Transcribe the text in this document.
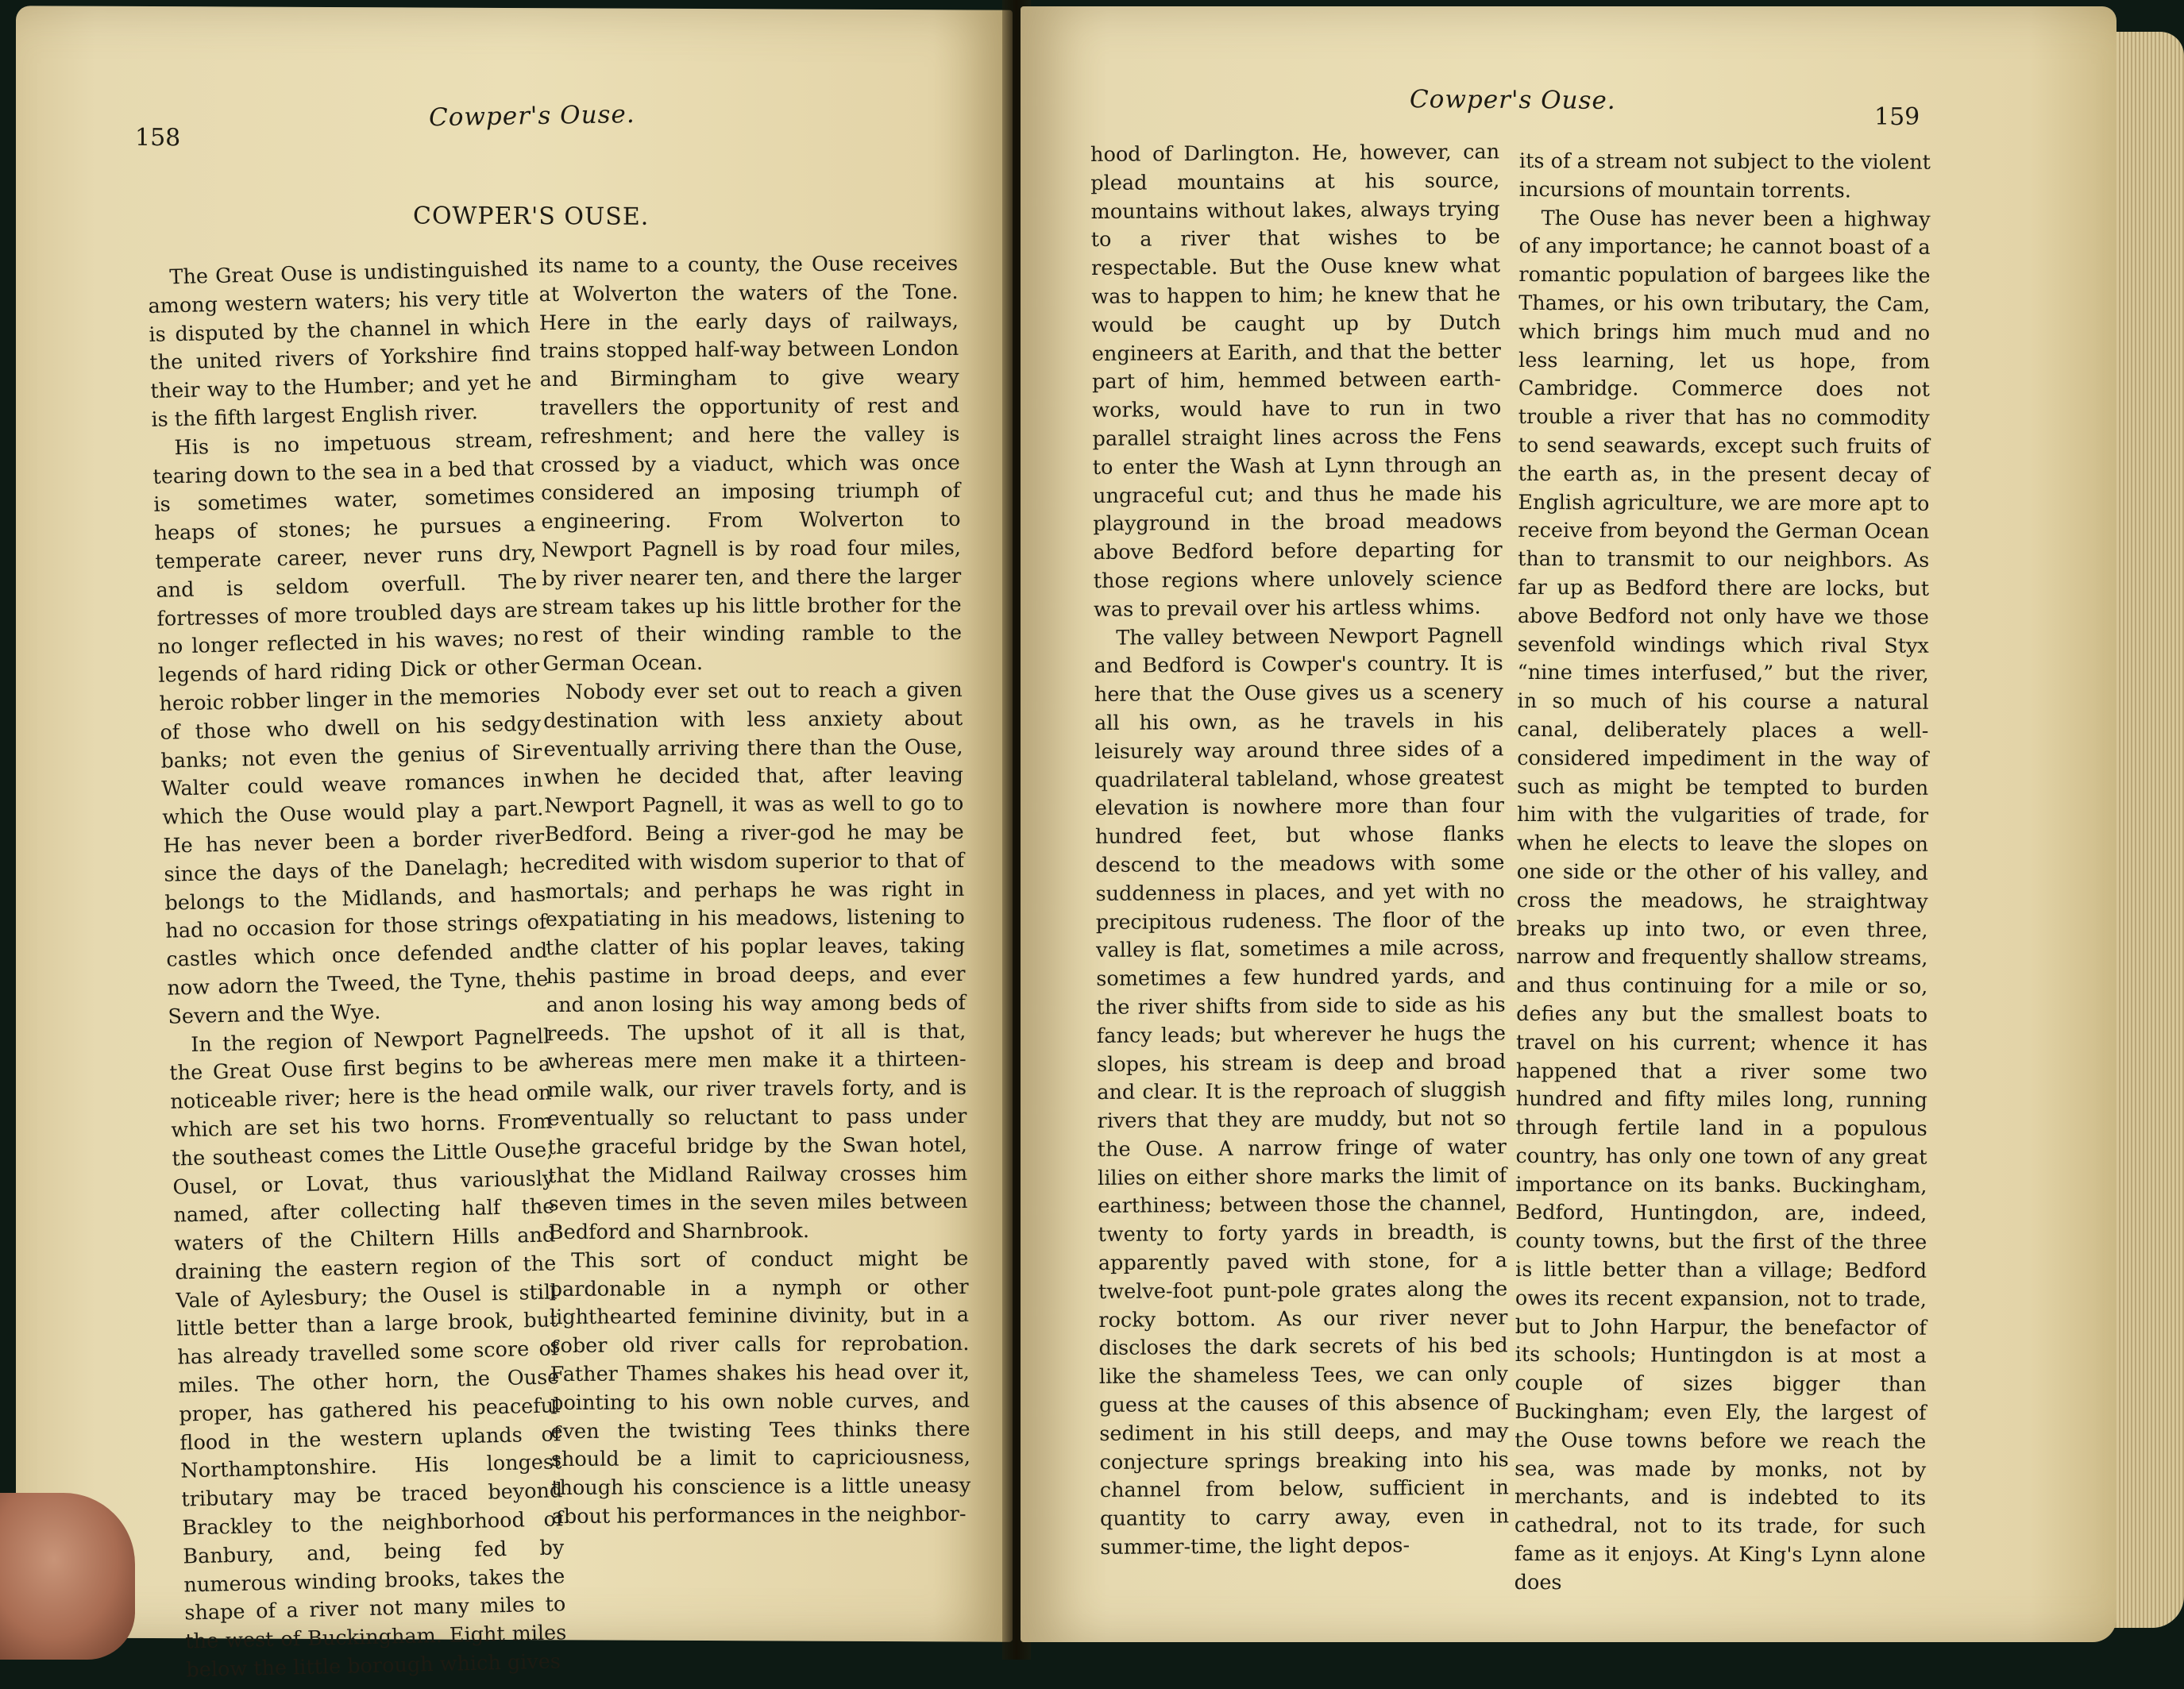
158
Cowper's Ouse.
COWPER'S OUSE.

The Great Ouse is undistinguished among western waters; his very title is disputed by the channel in which the united rivers of Yorkshire find their way to the Humber; and yet he is the fifth largest English river.

His is no impetuous stream, tearing down to the sea in a bed that is sometimes water, sometimes heaps of stones; he pursues a temperate career, never runs dry, and is seldom overfull. The fortresses of more troubled days are no longer reflected in his waves; no legends of hard riding Dick or other heroic robber linger in the memories of those who dwell on his sedgy banks; not even the genius of Sir Walter could weave romances in which the Ouse would play a part. He has never been a border river since the days of the Danelagh; he belongs to the Midlands, and has had no occasion for those strings of castles which once defended and now adorn the Tweed, the Tyne, the Severn and the Wye.

In the region of Newport Pagnell the Great Ouse first begins to be a noticeable river; here is the head on which are set his two horns. From the southeast comes the Little Ouse, Ousel, or Lovat, thus variously named, after collecting half the waters of the Chiltern Hills and draining the eastern region of the Vale of Aylesbury; the Ousel is still little better than a large brook, but has already travelled some score of miles. The other horn, the Ouse proper, has gathered his peaceful flood in the western uplands of Northamptonshire. His longest tributary may be traced beyond Brackley to the neighborhood of Banbury, and, being fed by numerous winding brooks, takes the shape of a river not many miles to the west of Buckingham. Eight miles below the little borough which gives

its name to a county, the Ouse receives at Wolverton the waters of the Tone. Here in the early days of railways, trains stopped half-way between London and Birmingham to give weary travellers the opportunity of rest and refreshment; and here the valley is crossed by a viaduct, which was once considered an imposing triumph of engineering. From Wolverton to Newport Pagnell is by road four miles, by river nearer ten, and there the larger stream takes up his little brother for the rest of their winding ramble to the German Ocean.

Nobody ever set out to reach a given destination with less anxiety about eventually arriving there than the Ouse, when he decided that, after leaving Newport Pagnell, it was as well to go to Bedford. Being a river-god he may be credited with wisdom superior to that of mortals; and perhaps he was right in expatiating in his meadows, listening to the clatter of his poplar leaves, taking his pastime in broad deeps, and ever and anon losing his way among beds of reeds. The upshot of it all is that, whereas mere men make it a thirteen-mile walk, our river travels forty, and is eventually so reluctant to pass under the graceful bridge by the Swan hotel, that the Midland Railway crosses him seven times in the seven miles between Bedford and Sharnbrook.

This sort of conduct might be pardonable in a nymph or other lighthearted feminine divinity, but in a sober old river calls for reprobation. Father Thames shakes his head over it, pointing to his own noble curves, and even the twisting Tees thinks there should be a limit to capriciousness, though his conscience is a little uneasy about his performances in the neighbor-

Cowper's Ouse.
159

hood of Darlington. He, however, can plead mountains at his source, mountains without lakes, always trying to a river that wishes to be respectable. But the Ouse knew what was to happen to him; he knew that he would be caught up by Dutch engineers at Earith, and that the better part of him, hemmed between earth-works, would have to run in two parallel straight lines across the Fens to enter the Wash at Lynn through an ungraceful cut; and thus he made his playground in the broad meadows above Bedford before departing for those regions where unlovely science was to prevail over his artless whims.

The valley between Newport Pagnell and Bedford is Cowper's country. It is here that the Ouse gives us a scenery all his own, as he travels in his leisurely way around three sides of a quadrilateral tableland, whose greatest elevation is nowhere more than four hundred feet, but whose flanks descend to the meadows with some suddenness in places, and yet with no precipitous rudeness. The floor of the valley is flat, sometimes a mile across, sometimes a few hundred yards, and the river shifts from side to side as his fancy leads; but wherever he hugs the slopes, his stream is deep and broad and clear. It is the reproach of sluggish rivers that they are muddy, but not so the Ouse. A narrow fringe of water lilies on either shore marks the limit of earthiness; between those the channel, twenty to forty yards in breadth, is apparently paved with stone, for a twelve-foot punt-pole grates along the rocky bottom. As our river never discloses the dark secrets of his bed like the shameless Tees, we can only guess at the causes of this absence of sediment in his still deeps, and may conjecture springs breaking into his channel from below, sufficient in quantity to carry away, even in summer-time, the light depos-

its of a stream not subject to the violent incursions of mountain torrents.

The Ouse has never been a highway of any importance; he cannot boast of a romantic population of bargees like the Thames, or his own tributary, the Cam, which brings him much mud and no less learning, let us hope, from Cambridge. Commerce does not trouble a river that has no commodity to send seawards, except such fruits of the earth as, in the present decay of English agriculture, we are more apt to receive from beyond the German Ocean than to transmit to our neighbors. As far up as Bedford there are locks, but above Bedford not only have we those sevenfold windings which rival Styx “nine times interfused,” but the river, in so much of his course a natural canal, deliberately places a well-considered impediment in the way of such as might be tempted to burden him with the vulgarities of trade, for when he elects to leave the slopes on one side or the other of his valley, and cross the meadows, he straightway breaks up into two, or even three, narrow and frequently shallow streams, and thus continuing for a mile or so, defies any but the smallest boats to travel on his current; whence it has happened that a river some two hundred and fifty miles long, running through fertile land in a populous country, has only one town of any great importance on its banks. Buckingham, Bedford, Huntingdon, are, indeed, county towns, but the first of the three is little better than a village; Bedford owes its recent expansion, not to trade, but to John Harpur, the benefactor of its schools; Huntingdon is at most a couple of sizes bigger than Buckingham; even Ely, the largest of the Ouse towns before we reach the sea, was made by monks, not by merchants, and is indebted to its cathedral, not to its trade, for such fame as it enjoys. At King's Lynn alone does
